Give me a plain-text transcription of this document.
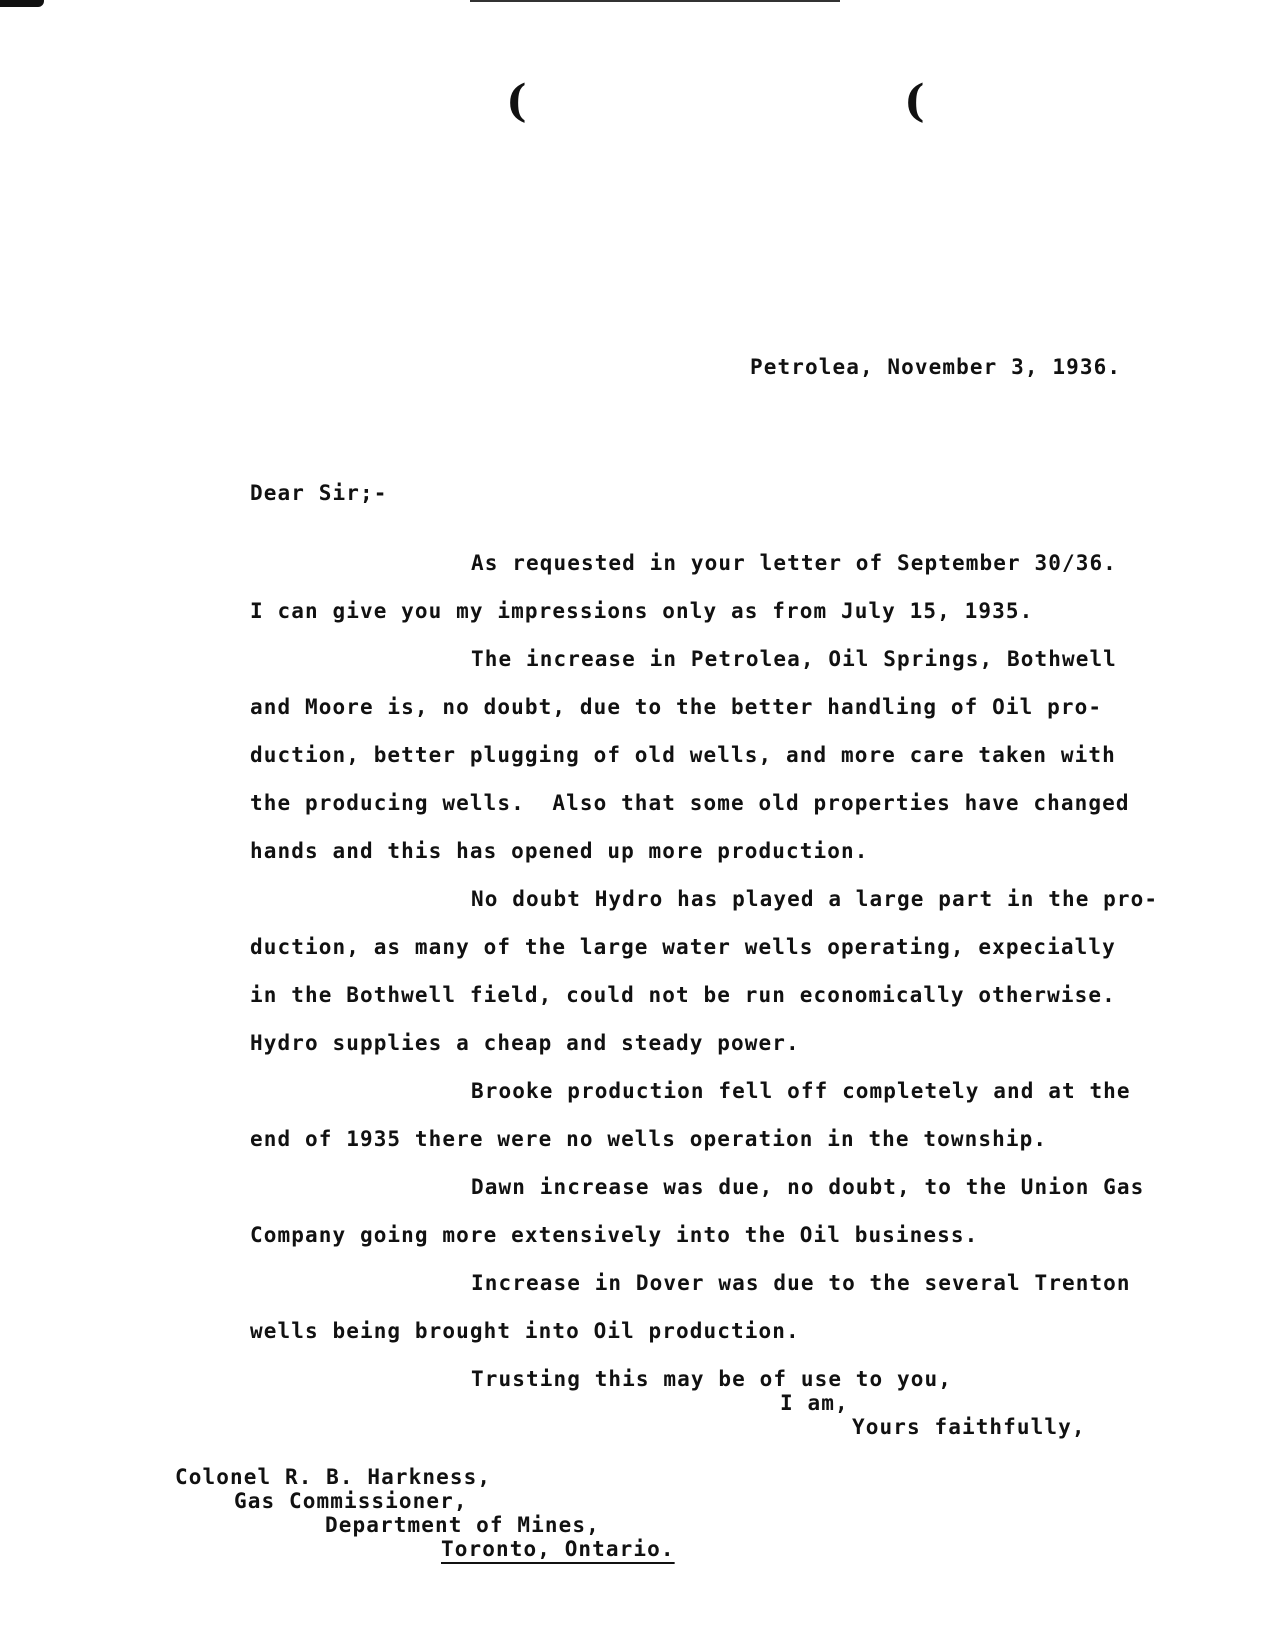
(	(
Petrolea, November 3, 1936.
Dear Sir;-
As requested in your letter of September 30/36.
I can give you my impressions only as from July 15, 1935.
The increase in Petrolea, Oil Springs, Bothwell
and Moore is, no doubt, due to the better handling of Oil pro-
duction, better plugging of old wells, and more care taken with
the producing wells.  Also that some old properties have changed
hands and this has opened up more production.
No doubt Hydro has played a large part in the pro-
duction, as many of the large water wells operating, expecially
in the Bothwell field, could not be run economically otherwise.
Hydro supplies a cheap and steady power.
Brooke production fell off completely and at the
end of 1935 there were no wells operation in the township.
Dawn increase was due, no doubt, to the Union Gas
Company going more extensively into the Oil business.
Increase in Dover was due to the several Trenton
wells being brought into Oil production.
Trusting this may be of use to you,
I am,
Yours faithfully,
Colonel R. B. Harkness,
Gas Commissioner,
Department of Mines,
Toronto, Ontario.
